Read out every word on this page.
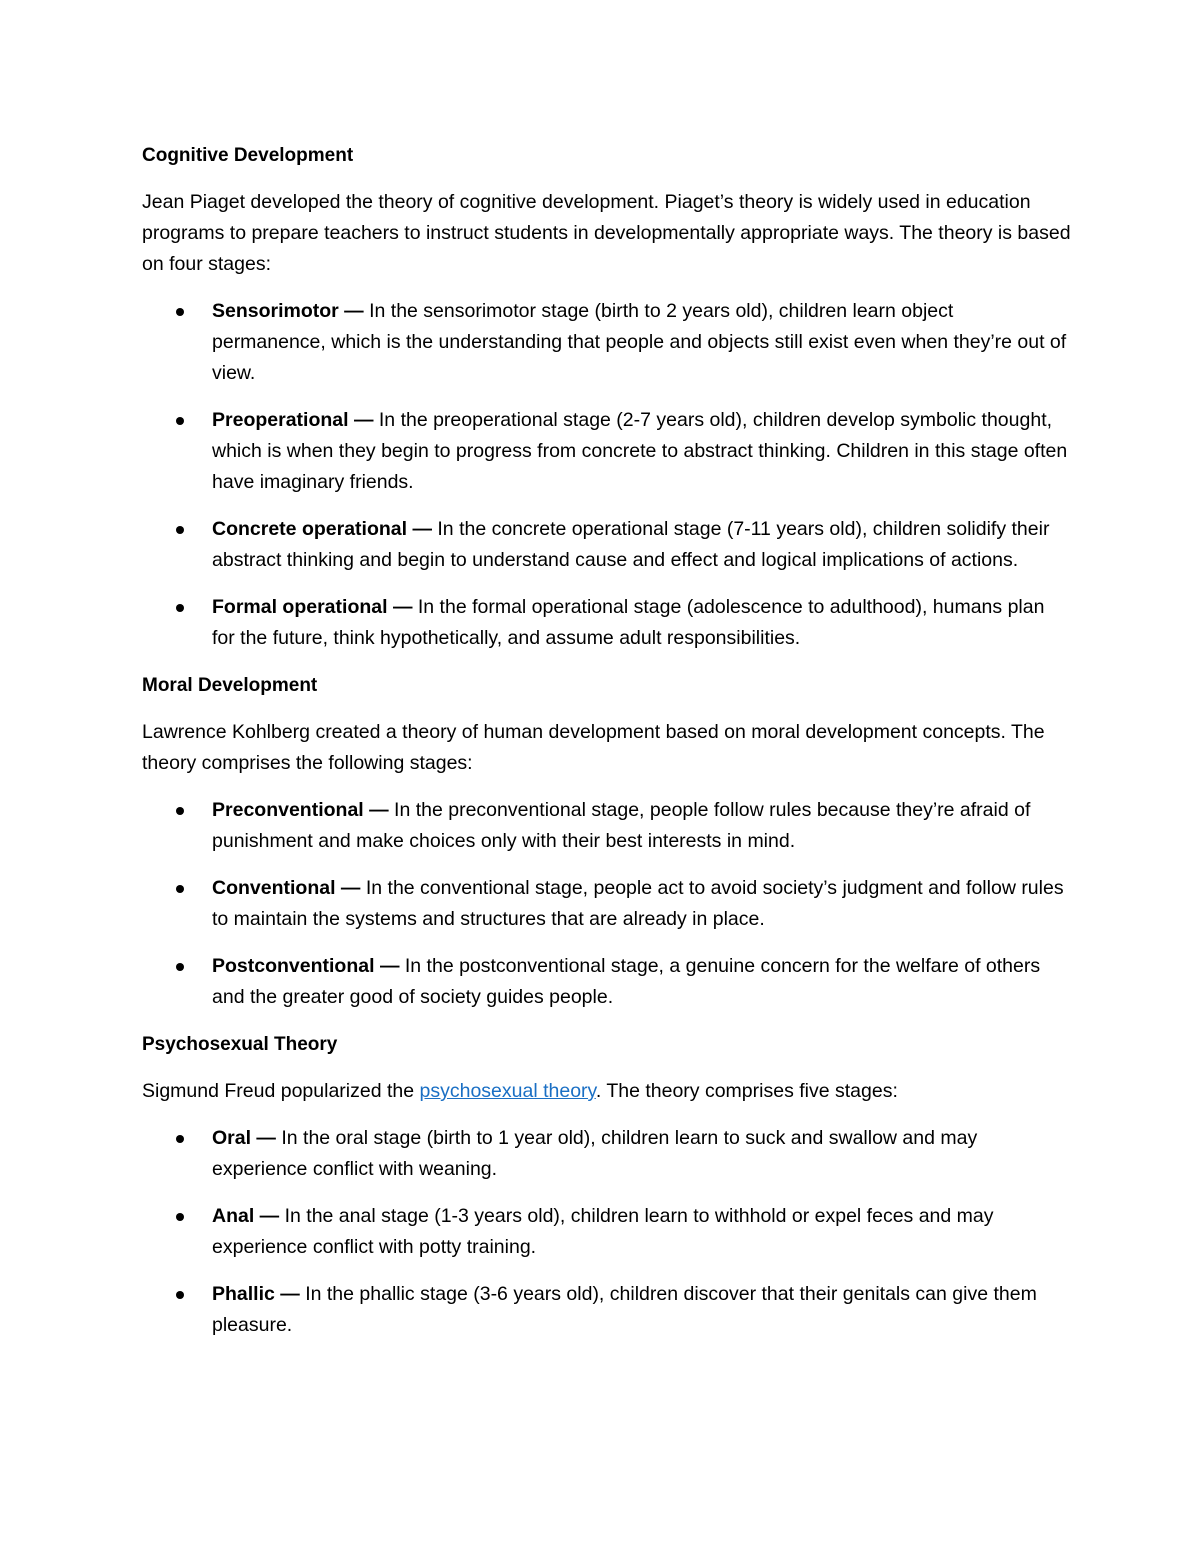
Cognitive Development
Jean Piaget developed the theory of cognitive development. Piaget’s theory is widely used in education programs to prepare teachers to instruct students in developmentally appropriate ways. The theory is based on four stages:
Sensorimotor — In the sensorimotor stage (birth to 2 years old), children learn object permanence, which is the understanding that people and objects still exist even when they’re out of view.
Preoperational — In the preoperational stage (2-7 years old), children develop symbolic thought, which is when they begin to progress from concrete to abstract thinking. Children in this stage often have imaginary friends.
Concrete operational — In the concrete operational stage (7-11 years old), children solidify their abstract thinking and begin to understand cause and effect and logical implications of actions.
Formal operational — In the formal operational stage (adolescence to adulthood), humans plan for the future, think hypothetically, and assume adult responsibilities.
Moral Development
Lawrence Kohlberg created a theory of human development based on moral development concepts. The theory comprises the following stages:
Preconventional — In the preconventional stage, people follow rules because they’re afraid of punishment and make choices only with their best interests in mind.
Conventional — In the conventional stage, people act to avoid society’s judgment and follow rules to maintain the systems and structures that are already in place.
Postconventional — In the postconventional stage, a genuine concern for the welfare of others and the greater good of society guides people.
Psychosexual Theory
Sigmund Freud popularized the psychosexual theory. The theory comprises five stages:
Oral — In the oral stage (birth to 1 year old), children learn to suck and swallow and may experience conflict with weaning.
Anal — In the anal stage (1-3 years old), children learn to withhold or expel feces and may experience conflict with potty training.
Phallic — In the phallic stage (3-6 years old), children discover that their genitals can give them pleasure.
